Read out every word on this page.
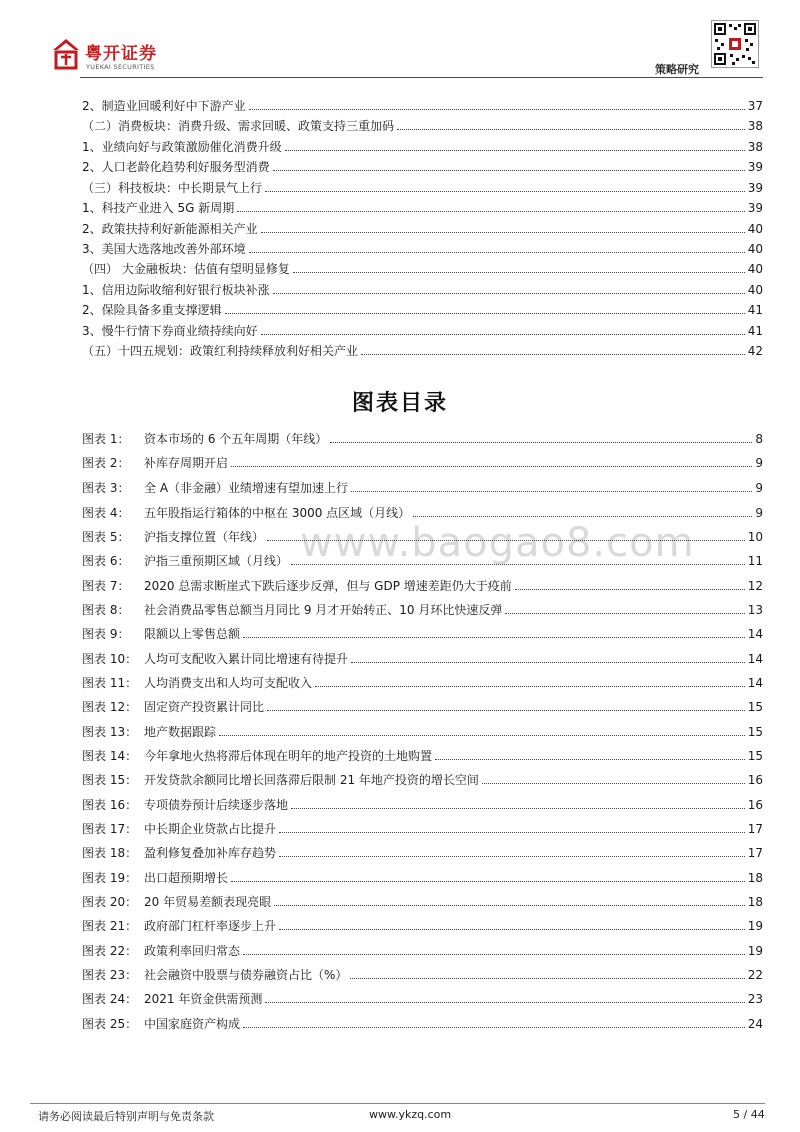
粤开证券
YUEKAI SECURITIES	策略研究
2、制造业回暖利好中下游产业	37
（二）消费板块：消费升级、需求回暖、政策支持三重加码	38
1、业绩向好与政策激励催化消费升级	38
2、人口老龄化趋势利好服务型消费	39
（三）科技板块：中长期景气上行	39
1、科技产业进入 5G 新周期	39
2、政策扶持利好新能源相关产业	40
3、美国大选落地改善外部环境	40
（四） 大金融板块：估值有望明显修复	40
1、信用边际收缩利好银行板块补涨	40
2、保险具备多重支撑逻辑	41
3、慢牛行情下券商业绩持续向好	41
（五）十四五规划：政策红利持续释放利好相关产业	42
图表目录
www.baogao8.com
图表 1：	资本市场的 6 个五年周期（年线）	8
图表 2：	补库存周期开启	9
图表 3：	全 A（非金融）业绩增速有望加速上行	9
图表 4：	五年股指运行箱体的中枢在 3000 点区域（月线）	9
图表 5：	沪指支撑位置（年线）	10
图表 6：	沪指三重预期区域（月线）	11
图表 7：	2020 总需求断崖式下跌后逐步反弹，但与 GDP 增速差距仍大于疫前	12
图表 8：	社会消费品零售总额当月同比 9 月才开始转正、10 月环比快速反弹	13
图表 9：	限额以上零售总额	14
图表 10： 人均可支配收入累计同比增速有待提升	14
图表 11： 人均消费支出和人均可支配收入	14
图表 12： 固定资产投资累计同比	15
图表 13： 地产数据跟踪	15
图表 14： 今年拿地火热将滞后体现在明年的地产投资的土地购置	15
图表 15： 开发贷款余额同比增长回落滞后限制 21 年地产投资的增长空间	16
图表 16： 专项债券预计后续逐步落地	16
图表 17： 中长期企业贷款占比提升	17
图表 18： 盈利修复叠加补库存趋势	17
图表 19： 出口超预期增长	18
图表 20： 20 年贸易差额表现亮眼	18
图表 21： 政府部门杠杆率逐步上升	19
图表 22： 政策利率回归常态	19
图表 23： 社会融资中股票与债券融资占比（%）	22
图表 24： 2021 年资金供需预测	23
图表 25： 中国家庭资产构成	24
请务必阅读最后特别声明与免责条款	www.ykzq.com	5 / 44
